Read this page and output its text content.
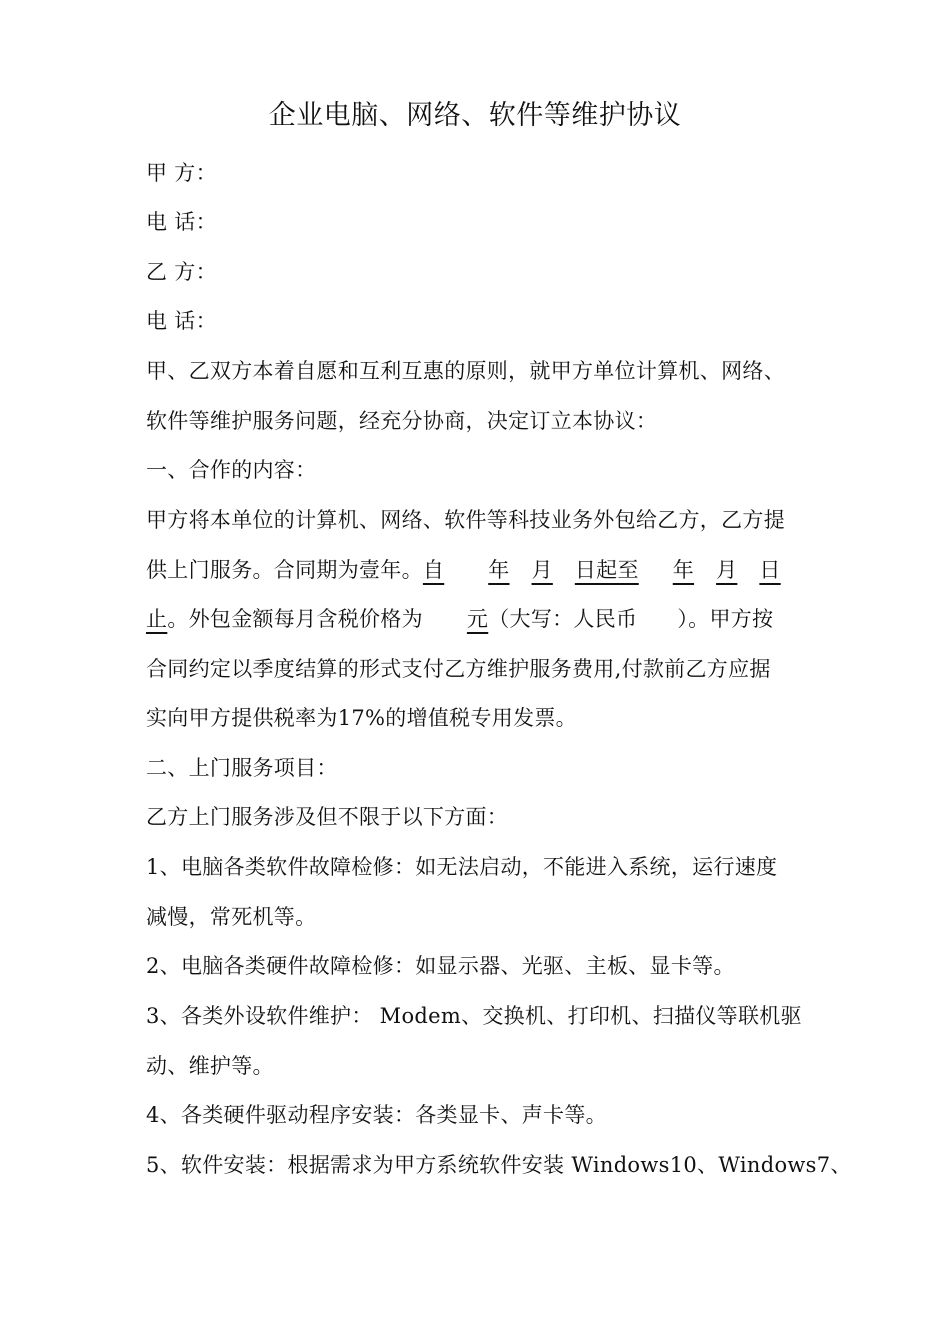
企业电脑、网络、软件等维护协议
甲 方：
电 话：
乙 方：
电 话：
甲、乙双方本着自愿和互利互惠的原则，就甲方单位计算机、网络、
软件等维护服务问题，经充分协商，决定订立本协议：
一、合作的内容：
甲方将本单位的计算机、网络、软件等科技业务外包给乙方，乙方提
供上门服务。合同期为壹年。自 年 月 日起至 年 月 日
止。外包金额每月含税价格为 元（大写：人民币 ）。甲方按
合同约定以季度结算的形式支付乙方维护服务费用,付款前乙方应据
实向甲方提供税率为17%的增值税专用发票。
二、上门服务项目：
乙方上门服务涉及但不限于以下方面：
1、电脑各类软件故障检修：如无法启动，不能进入系统，运行速度
减慢，常死机等。
2、电脑各类硬件故障检修：如显示器、光驱、主板、显卡等。
3、各类外设软件维护： Modem、交换机、打印机、扫描仪等联机驱
动、维护等。
4、各类硬件驱动程序安装：各类显卡、声卡等。
5、软件安装：根据需求为甲方系统软件安装 Windows10、Windows7、
